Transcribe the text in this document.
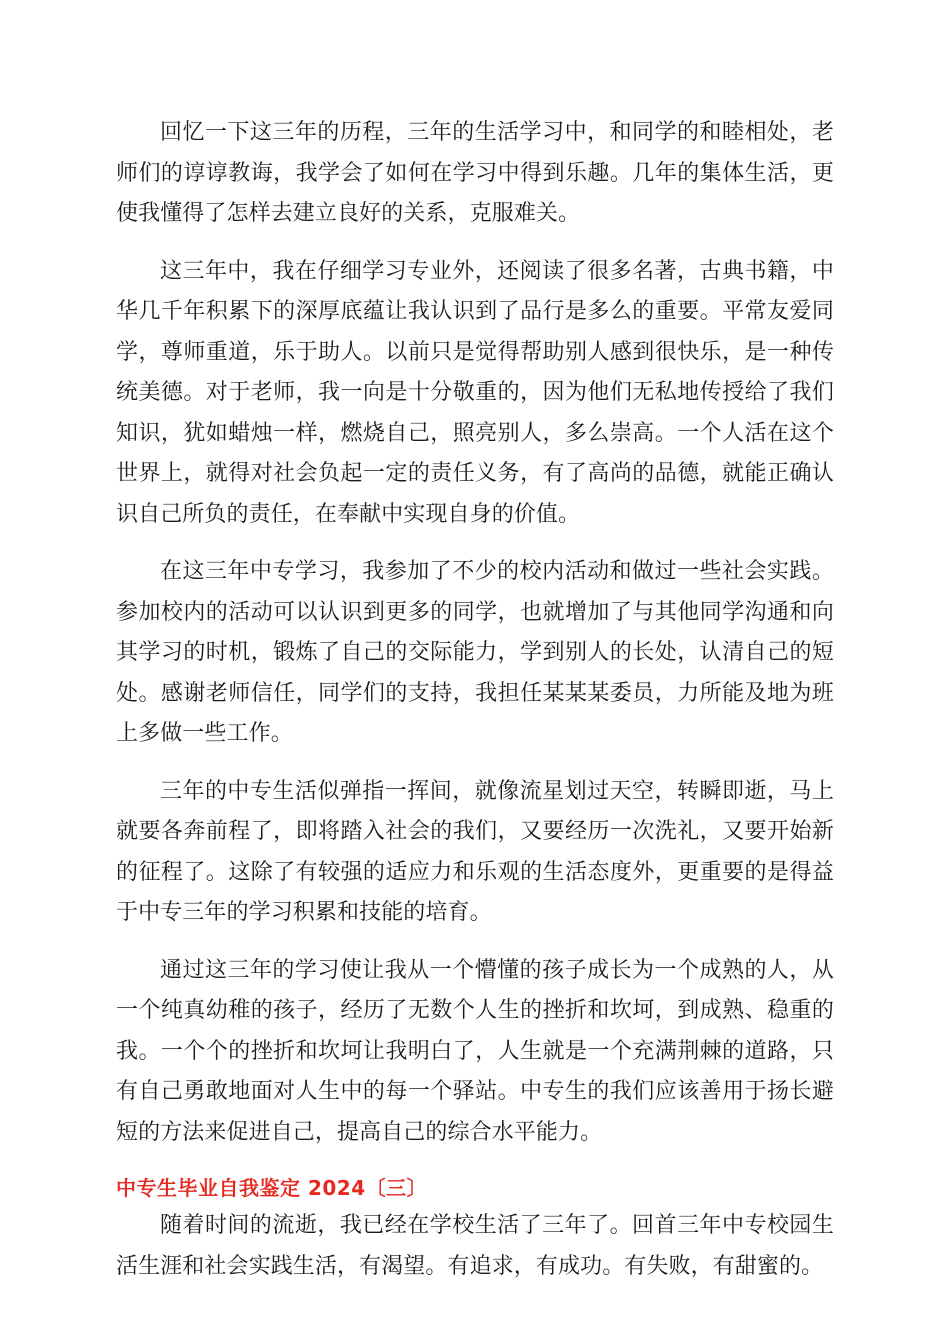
回忆一下这三年的历程，三年的生活学习中，和同学的和睦相处，老师们的谆谆教诲，我学会了如何在学习中得到乐趣。几年的集体生活，更使我懂得了怎样去建立良好的关系，克服难关。

这三年中，我在仔细学习专业外，还阅读了很多名著，古典书籍，中华几千年积累下的深厚底蕴让我认识到了品行是多么的重要。平常友爱同学，尊师重道，乐于助人。以前只是觉得帮助别人感到很快乐，是一种传统美德。对于老师，我一向是十分敬重的，因为他们无私地传授给了我们知识，犹如蜡烛一样，燃烧自己，照亮别人，多么崇高。一个人活在这个世界上，就得对社会负起一定的责任义务，有了高尚的品德，就能正确认识自己所负的责任，在奉献中实现自身的价值。

在这三年中专学习，我参加了不少的校内活动和做过一些社会实践。参加校内的活动可以认识到更多的同学，也就增加了与其他同学沟通和向其学习的时机，锻炼了自己的交际能力，学到别人的长处，认清自己的短处。感谢老师信任，同学们的支持，我担任某某某委员，力所能及地为班上多做一些工作。

三年的中专生活似弹指一挥间，就像流星划过天空，转瞬即逝，马上就要各奔前程了，即将踏入社会的我们，又要经历一次洗礼，又要开始新的征程了。这除了有较强的适应力和乐观的生活态度外，更重要的是得益于中专三年的学习积累和技能的培育。

通过这三年的学习使让我从一个懵懂的孩子成长为一个成熟的人，从一个纯真幼稚的孩子，经历了无数个人生的挫折和坎坷，到成熟、稳重的我。一个个的挫折和坎坷让我明白了，人生就是一个充满荆棘的道路，只有自己勇敢地面对人生中的每一个驿站。中专生的我们应该善用于扬长避短的方法来促进自己，提高自己的综合水平能力。

中专生毕业自我鉴定 2024〔三〕

随着时间的流逝，我已经在学校生活了三年了。回首三年中专校园生活生涯和社会实践生活，有渴望。有追求，有成功。有失败，有甜蜜的。
